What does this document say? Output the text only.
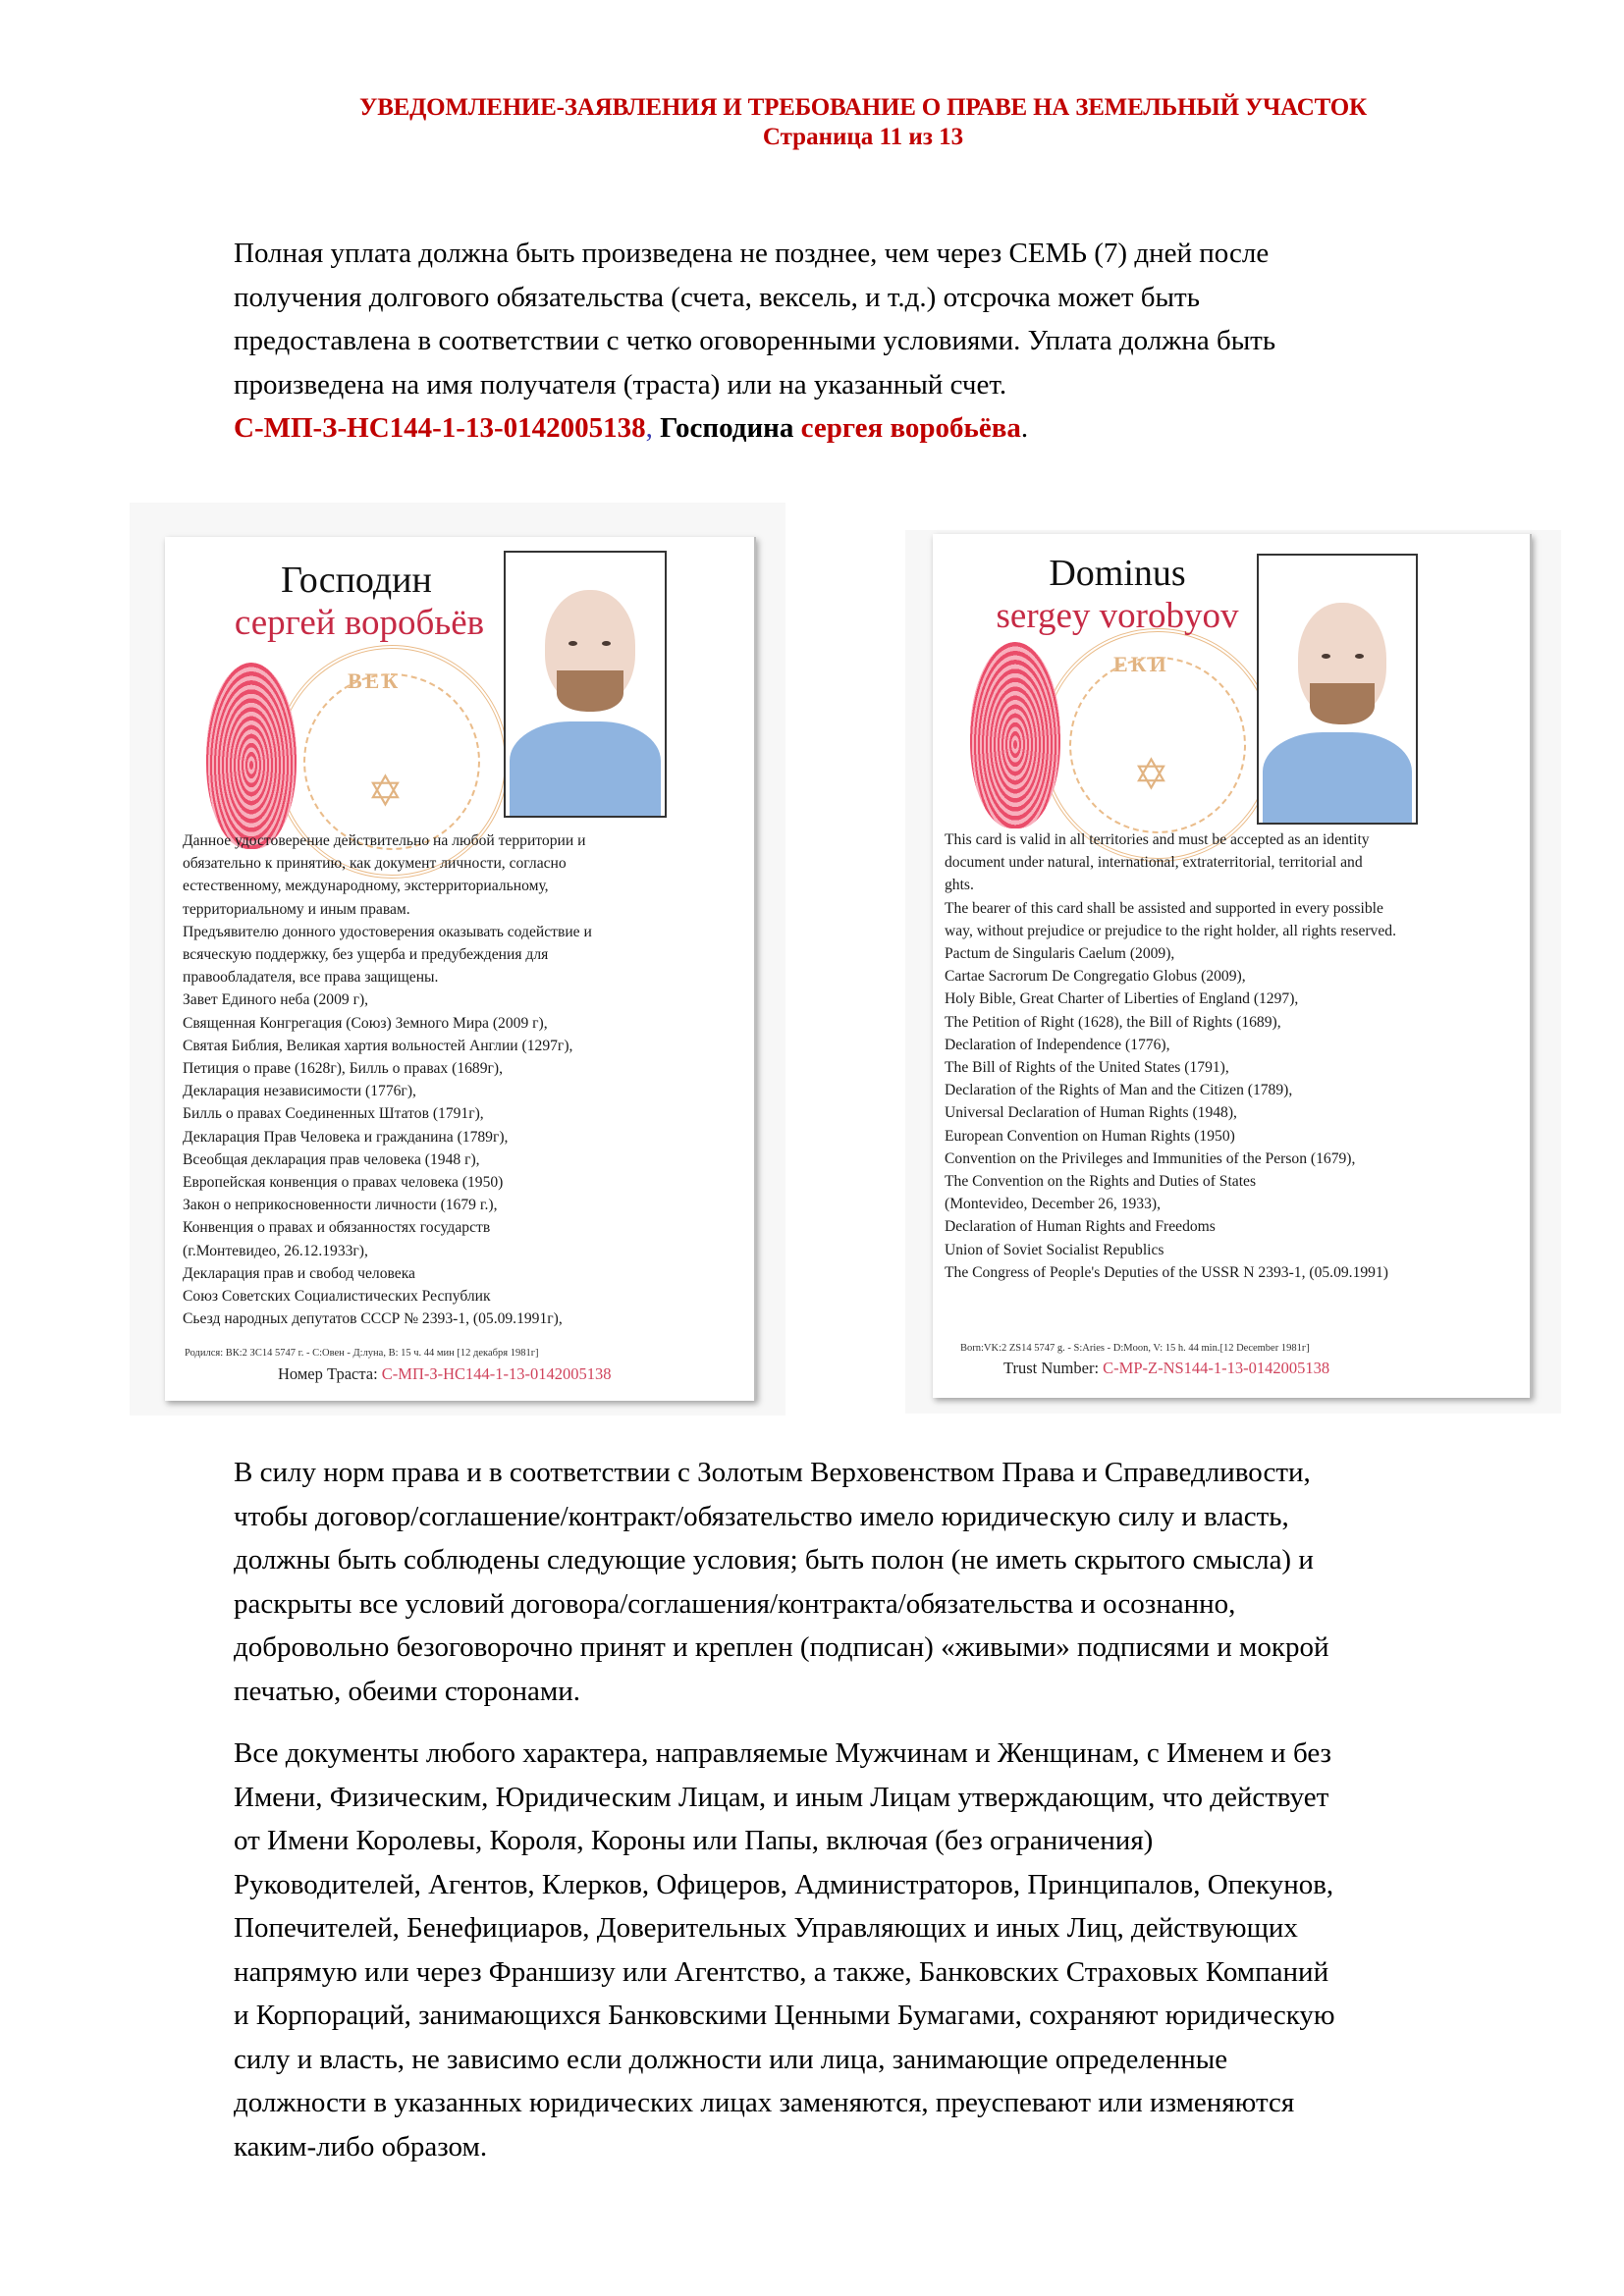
УВЕДОМЛЕНИЕ-ЗАЯВЛЕНИЯ И ТРЕБОВАНИЕ О ПРАВЕ НА ЗЕМЕЛЬНЫЙ УЧАСТОК
Страница 11 из 13
Полная уплата должна быть произведена не позднее, чем через СЕМЬ (7) дней после
получения долгового обязательства (счета, вексель, и т.д.) отсрочка может быть
предоставлена в соответствии с четко оговоренными условиями. Уплата должна быть
произведена на имя получателя (траста) или на указанный счет.
С-МП-З-НС144-1-13-0142005138, Господина сергея воробьёва.
ВЕК
✡
Господин
сергей воробьёв
Данное удостоверение действительно на любой территории и
обязательно к принятию, как документ личности, согласно
естественному, международному, экстерриториальному,
территориальному и иным правам.
Предъявителю донного удостоверения оказывать содействие и
всяческую поддержку, без ущерба и предубеждения для
правообладателя, все права защищены.
Завет Единого неба (2009 г),
Священная Конгрегация (Союз) Земного Мира (2009 г),
Святая Библия, Великая хартия вольностей Англии (1297г),
Петиция о праве (1628г), Билль о правах (1689г),
Декларация независимости (1776г),
Билль о правах Соединенных Штатов (1791г),
Декларация Прав Человека и гражданина (1789г),
Всеобщая декларация прав человека (1948 г),
Европейская конвенция о правах человека (1950)
Закон о неприкосновенности личности (1679 г.),
Конвенция о правах и обязанностях государств
(г.Монтевидео, 26.12.1933г),
Декларация прав и свобод человека
Союз Советских Социалистических Республик
Сьезд народных депутатов СССР № 2393-1, (05.09.1991г),
Родился: ВК:2 ЗС14 5747 г. - С:Овен - Д:луна, В: 15 ч. 44 мин [12 декабря 1981г]
Номер Траста: С-МП-З-НС144-1-13-0142005138
ЕКИ
✡
Dominus
sergey vorobyov
This card is valid in all territories and must be accepted as an identity
document under natural, international, extraterritorial, territorial and
ghts.
The bearer of this card shall be assisted and supported in every possible
way, without prejudice or prejudice to the right holder, all rights reserved.
Pactum de Singularis Caelum (2009),
Cartae Sacrorum De Congregatio Globus (2009),
Holy Bible, Great Charter of Liberties of England (1297),
The Petition of Right (1628), the Bill of Rights (1689),
Declaration of Independence (1776),
The Bill of Rights of the United States (1791),
Declaration of the Rights of Man and the Citizen (1789),
Universal Declaration of Human Rights (1948),
European Convention on Human Rights (1950)
Convention on the Privileges and Immunities of the Person (1679),
The Convention on the Rights and Duties of States
(Montevideo, December 26, 1933),
Declaration of Human Rights and Freedoms
Union of Soviet Socialist Republics
The Congress of People's Deputies of the USSR N 2393-1, (05.09.1991)
Born:VK:2 ZS14 5747 g. - S:Aries - D:Moon, V: 15 h. 44 min.[12 December 1981г]
Trust Number: C-MP-Z-NS144-1-13-0142005138
В силу норм права и в соответствии с Золотым Верховенством Права и Справедливости,
чтобы договор/соглашение/контракт/обязательство имело юридическую силу и власть,
должны быть соблюдены следующие условия; быть полон (не иметь скрытого смысла) и
раскрыты все условий договора/соглашения/контракта/обязательства и осознанно,
добровольно безоговорочно принят и креплен (подписан) «живыми» подписями и мокрой
печатью, обеими сторонами.
Все документы любого характера, направляемые Мужчинам и Женщинам, с Именем и без
Имени, Физическим, Юридическим Лицам, и иным Лицам утверждающим, что действует
от Имени Королевы, Короля, Короны или Папы, включая (без ограничения)
Руководителей, Агентов, Клерков, Офицеров, Администраторов, Принципалов, Опекунов,
Попечителей, Бенефициаров, Доверительных Управляющих и иных Лиц, действующих
напрямую или через Франшизу или Агентство, а также, Банковских Страховых Компаний
и Корпораций, занимающихся Банковскими Ценными Бумагами, сохраняют юридическую
силу и власть, не зависимо если должности или лица, занимающие определенные
должности в указанных юридических лицах заменяются, преуспевают или изменяются
каким-либо образом.
